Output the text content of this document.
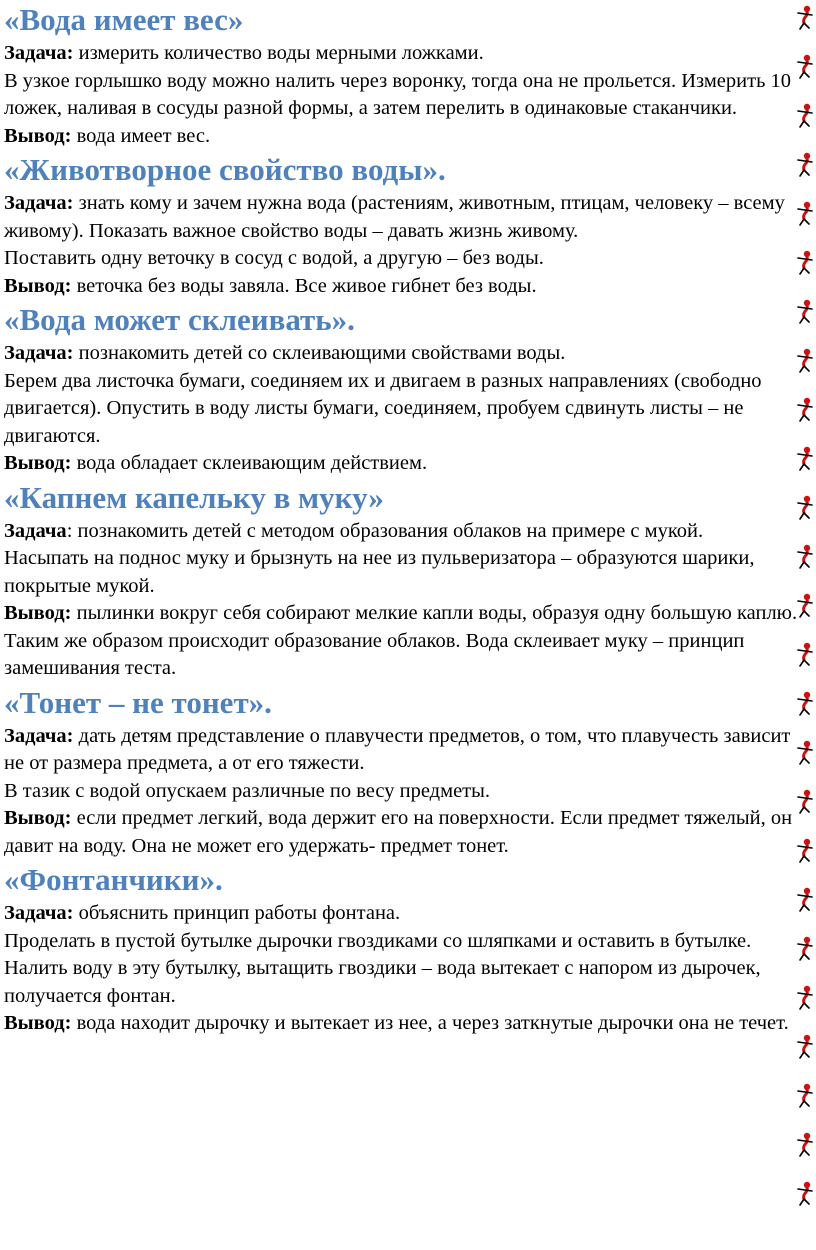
«Вода имеет вес»

Задача: измерить количество воды мерными ложками.

В узкое горлышко воду можно налить через воронку, тогда она не прольется. Измерить 10 ложек, наливая в сосуды разной формы, а затем перелить в одинаковые стаканчики.

Вывод: вода имеет вес.

«Животворное свойство воды».

Задача: знать кому и зачем нужна вода (растениям, животным, птицам, человеку – всему живому). Показать важное свойство воды – давать жизнь живому.

Поставить одну веточку в сосуд с водой, а другую – без воды.

Вывод: веточка без воды завяла. Все живое гибнет без воды.

«Вода может склеивать».

Задача: познакомить детей со склеивающими свойствами воды.

Берем два листочка бумаги, соединяем их и двигаем в разных направлениях (свободно двигается). Опустить в воду листы бумаги, соединяем, пробуем сдвинуть листы – не двигаются.

Вывод: вода обладает склеивающим действием.

«Капнем капельку в муку»

Задача: познакомить детей с методом образования облаков на примере с мукой.

Насыпать на поднос муку и брызнуть на нее из пульверизатора – образуются шарики, покрытые мукой.

Вывод: пылинки вокруг себя собирают мелкие капли воды, образуя одну большую каплю. Таким же образом происходит образование облаков. Вода склеивает муку – принцип замешивания теста.

«Тонет – не тонет».

Задача: дать детям представление о плавучести предметов, о том, что плавучесть зависит не от размера предмета, а от его тяжести.

В тазик с водой опускаем различные по весу предметы.

Вывод: если предмет легкий, вода держит его на поверхности. Если предмет тяжелый, он давит на воду. Она не может его удержать- предмет тонет.

«Фонтанчики».

Задача: объяснить принцип работы фонтана.

Проделать в пустой бутылке дырочки гвоздиками со шляпками и оставить в бутылке. Налить воду в эту бутылку, вытащить гвоздики – вода вытекает с напором из дырочек, получается фонтан.

Вывод: вода находит дырочку и вытекает из нее, а через заткнутые дырочки она не течет.
